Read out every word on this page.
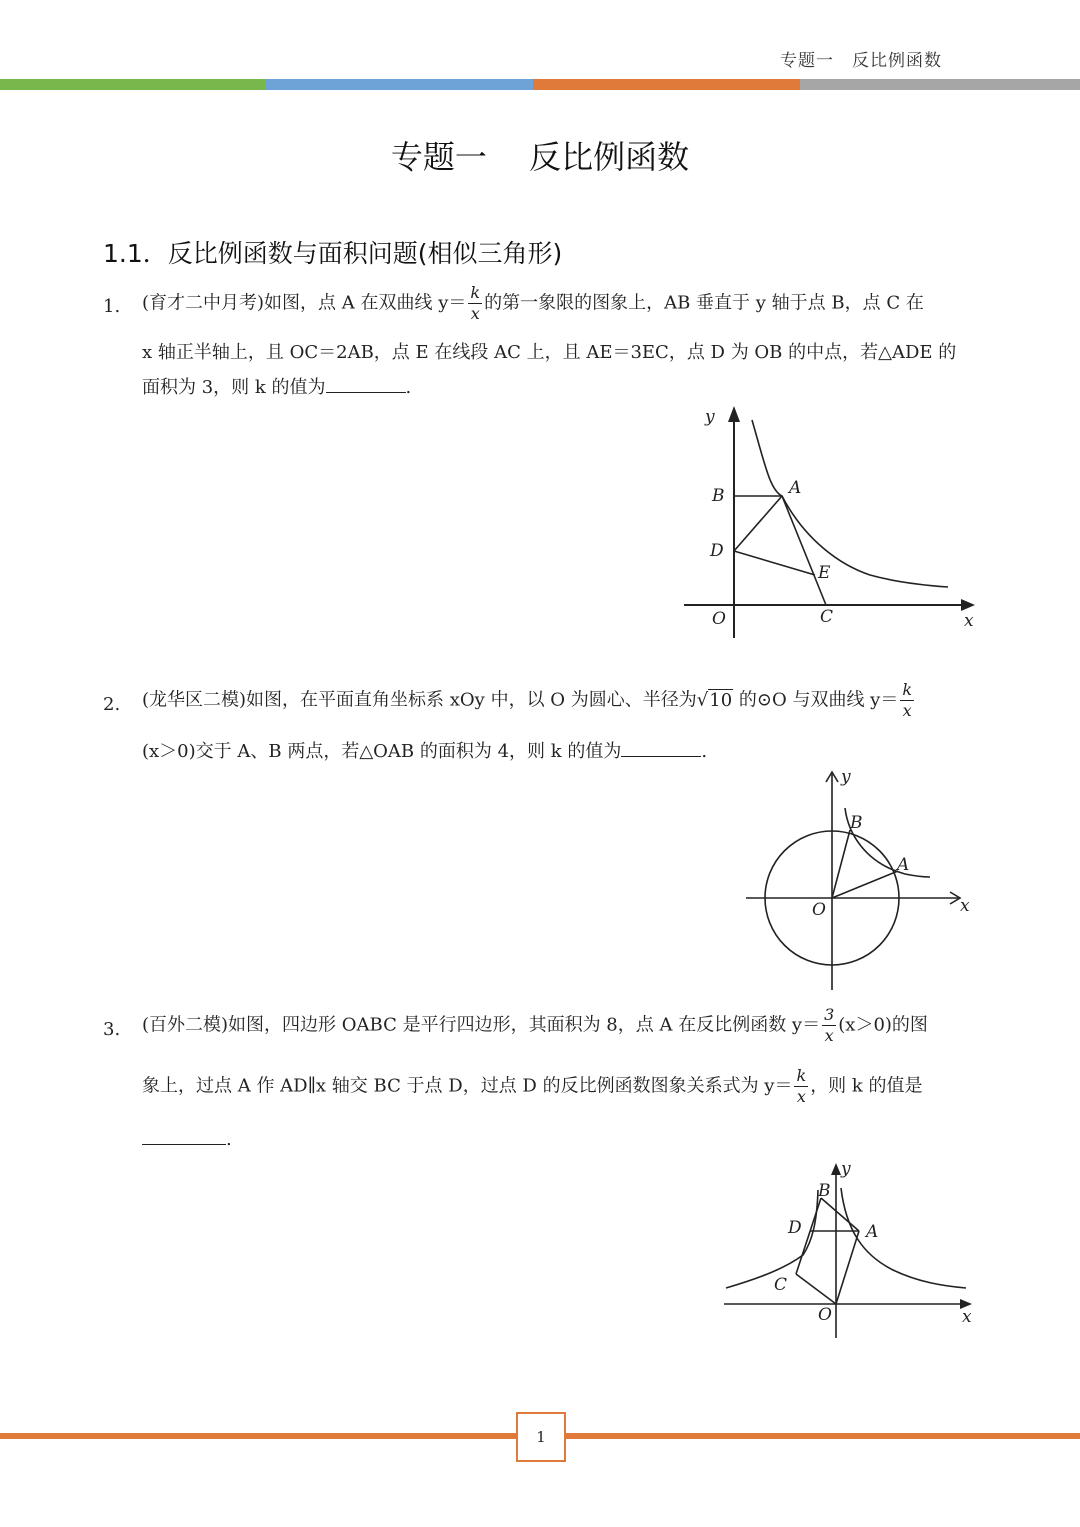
专题一　反比例函数
专题一　 反比例函数
1.1．反比例函数与面积问题(相似三角形)
1. (育才二中月考)如图，点 A 在双曲线 $y= \frac{k}{x}$ 的第一象限的图象上，AB 垂直于 y 轴于点 B，点 C 在
x 轴正半轴上，且 OC＝2AB，点 E 在线段 AC 上，且 AE＝3EC，点 D 为 OB 的中点，若△ADE 的
面积为 3，则 k 的值为	.
y
B	A
D
E
O	C	x
2. (龙华区二模)如图，在平面直角坐标系 xOy 中，以 O 为圆心、半径为√10 的⊙O 与双曲线 $y= \frac{k}{x}$
(x＞0)交于 A、B 两点，若△OAB 的面积为 4，则 k 的值为	.
y
B
A
O	x
3. (百外二模)如图，四边形 OABC 是平行四边形，其面积为 8，点 A 在反比例函数 $y= \frac{3}{x} (x>0)$的图
象上，过点 A 作 AD∥x 轴交 BC 于点 D，过点 D 的反比例函数图象关系式为 $y= \frac{k}{x}$ ，则 k 的值是
.
y
B
D	A
C
O	x
1
